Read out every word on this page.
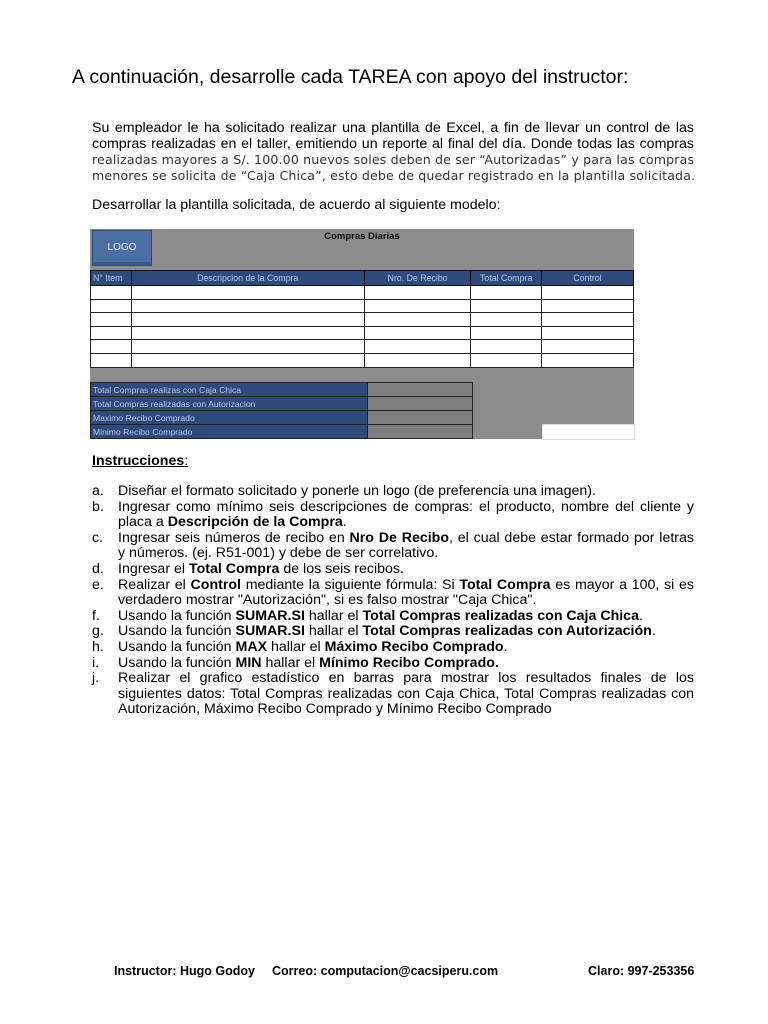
A continuación, desarrolle cada TAREA con apoyo del instructor:
Su empleador le ha solicitado realizar una plantilla de Excel, a fin de llevar un control de las
compras realizadas en el taller, emitiendo un reporte al final del día. Donde todas las compras
realizadas mayores a S/. 100.00 nuevos soles deben de ser “Autorizadas” y para las compras
menores se solicita de “Caja Chica”, esto debe de quedar registrado en la plantilla solicitada.
Desarrollar la plantilla solicitada, de acuerdo al siguiente modelo:
Compras Diarias
LOGO
N° Item	Descripcion de la Compra	Nro. De Recibo	Total Compra	Control

Total Compras realizas con Caja Chica	
Total Compras realizadas con Autorizacion	
Maximo Recibo Comprado	
Minimo Recibo Comprado	
Instrucciones:
a. Diseñar el formato solicitado y ponerle un logo (de preferencia una imagen).
b. Ingresar como mínimo seis descripciones de compras: el producto, nombre del cliente y
placa a Descripción de la Compra.
c. Ingresar seis números de recibo en Nro De Recibo, el cual debe estar formado por letras
y números. (ej. R51-001) y debe de ser correlativo.
d. Ingresar el Total Compra de los seis recibos.
e. Realizar el Control mediante la siguiente fórmula: Si Total Compra es mayor a 100, si es
verdadero mostrar "Autorización", si es falso mostrar "Caja Chica".
f. Usando la función SUMAR.SI hallar el Total Compras realizadas con Caja Chica.
g. Usando la función SUMAR.SI hallar el Total Compras realizadas con Autorización.
h. Usando la función MAX hallar el Máximo Recibo Comprado.
i. Usando la función MIN hallar el Mínimo Recibo Comprado.
j. Realizar el grafico estadístico en barras para mostrar los resultados finales de los
siguientes datos: Total Compras realizadas con Caja Chica, Total Compras realizadas con
Autorización, Máximo Recibo Comprado y Mínimo Recibo Comprado
Instructor: Hugo Godoy Correo: computacion@cacsiperu.com	Claro: 997-253356
